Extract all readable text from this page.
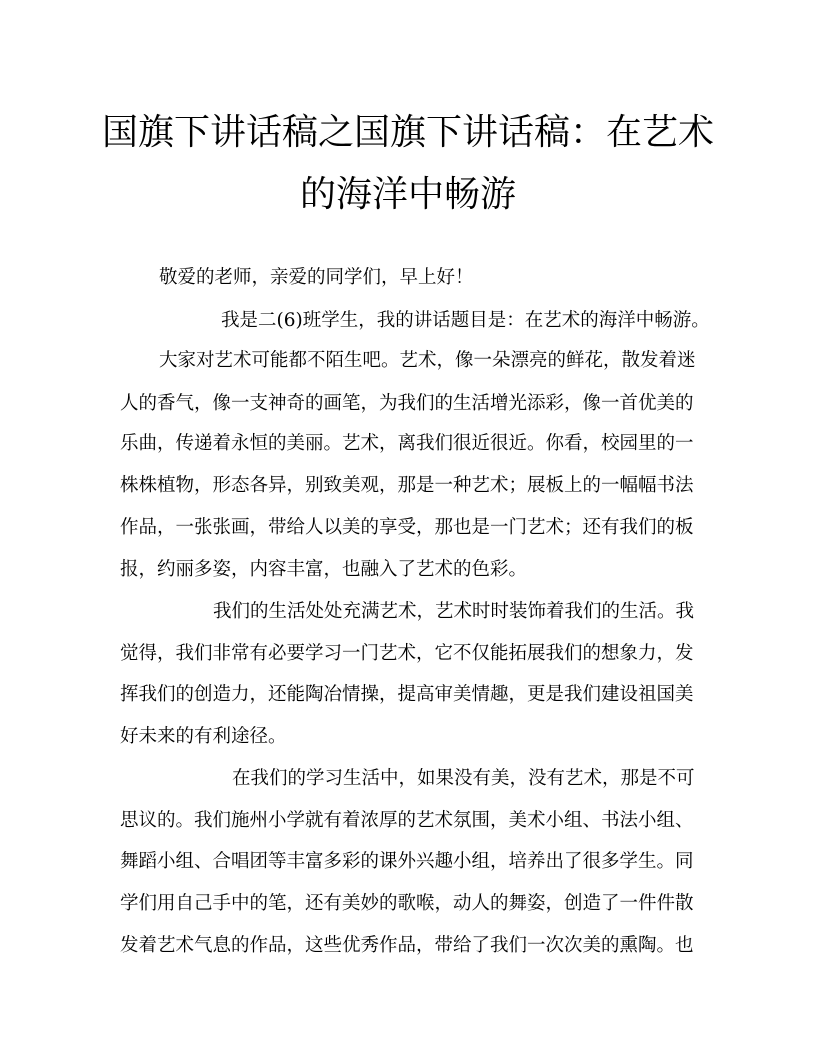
国旗下讲话稿之国旗下讲话稿：在艺术
的海洋中畅游

敬爱的老师，亲爱的同学们，早上好！

我是二(6)班学生，我的讲话题目是：在艺术的海洋中畅游。

大家对艺术可能都不陌生吧。艺术，像一朵漂亮的鲜花，散发着迷

人的香气，像一支神奇的画笔，为我们的生活增光添彩，像一首优美的

乐曲，传递着永恒的美丽。艺术，离我们很近很近。你看，校园里的一

株株植物，形态各异，别致美观，那是一种艺术；展板上的一幅幅书法

作品，一张张画，带给人以美的享受，那也是一门艺术；还有我们的板

报，约丽多姿，内容丰富，也融入了艺术的色彩。

我们的生活处处充满艺术，艺术时时装饰着我们的生活。我

觉得，我们非常有必要学习一门艺术，它不仅能拓展我们的想象力，发

挥我们的创造力，还能陶冶情操，提高审美情趣，更是我们建设祖国美

好未来的有利途径。

在我们的学习生活中，如果没有美，没有艺术，那是不可

思议的。我们施州小学就有着浓厚的艺术氛围，美术小组、书法小组、

舞蹈小组、合唱团等丰富多彩的课外兴趣小组，培养出了很多学生。同

学们用自己手中的笔，还有美妙的歌喉，动人的舞姿，创造了一件件散

发着艺术气息的作品，这些优秀作品，带给了我们一次次美的熏陶。也
